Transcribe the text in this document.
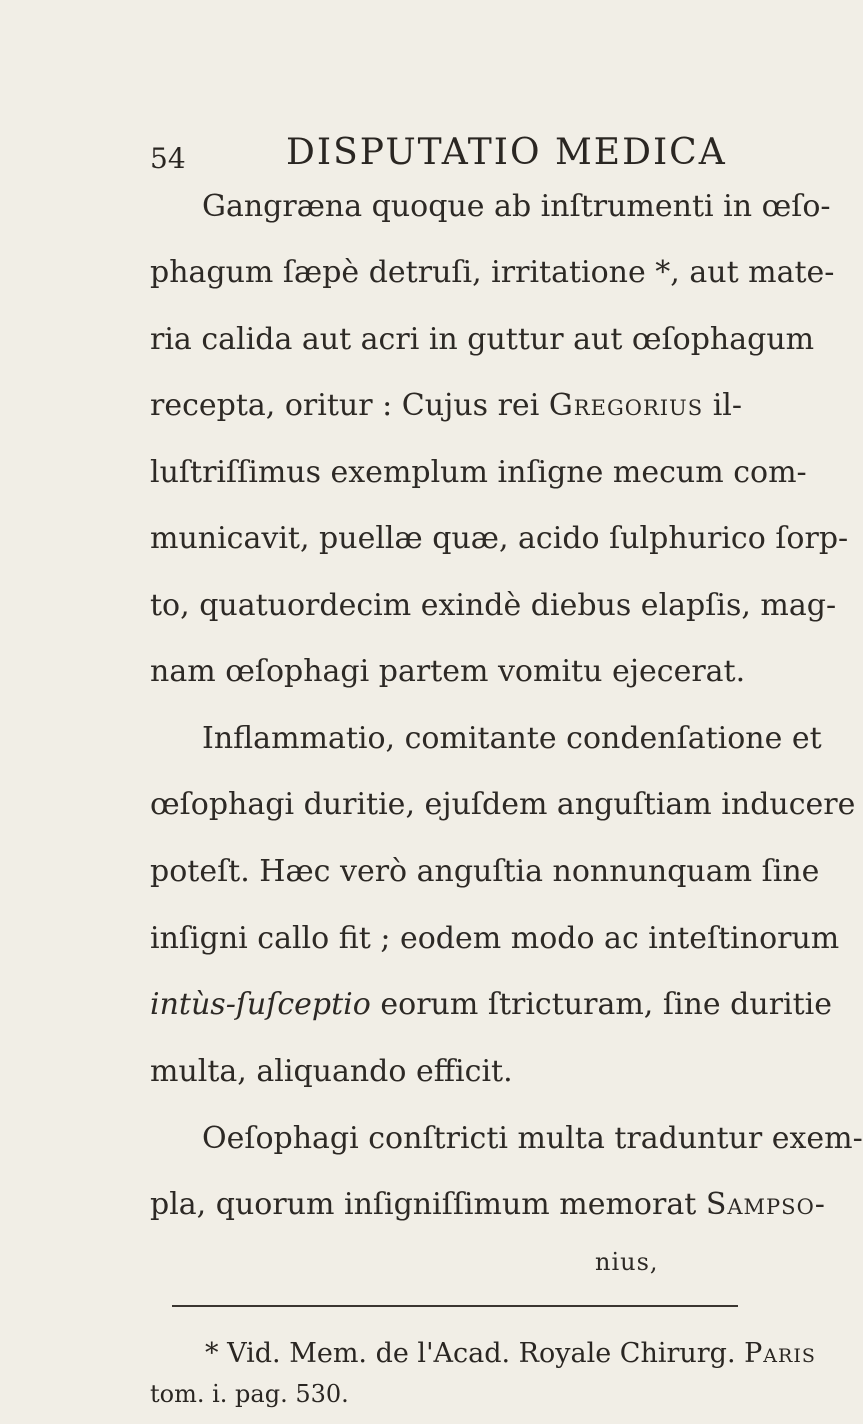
54	DISPUTATIO MEDICA
Gangræna quoque ab inſtrumenti in œſo-
phagum ſæpè detruſi, irritatione *, aut mate-
ria calida aut acri in guttur aut œſophagum
recepta, oritur : Cujus rei Gregorius il-
luſtriſſimus exemplum inſigne mecum com-
municavit, puellæ quæ, acido ſulphurico ſorp-
to, quatuordecim exindè diebus elapſis, mag-
nam œſophagi partem vomitu ejecerat.
Inflammatio, comitante condenſatione et
œſophagi duritie, ejuſdem anguſtiam inducere
poteſt. Hæc verò anguſtia nonnunquam ſine
inſigni callo fit ; eodem modo ac inteſtinorum
intùs-ſuſceptio eorum ſtricturam, ſine duritie
multa, aliquando efficit.
Oeſophagi conſtricti multa traduntur exem-
pla, quorum inſigniſſimum memorat Sampso-
nius,
* Vid. Mem. de l'Acad. Royale Chirurg. Paris
tom. i. pag. 530.
